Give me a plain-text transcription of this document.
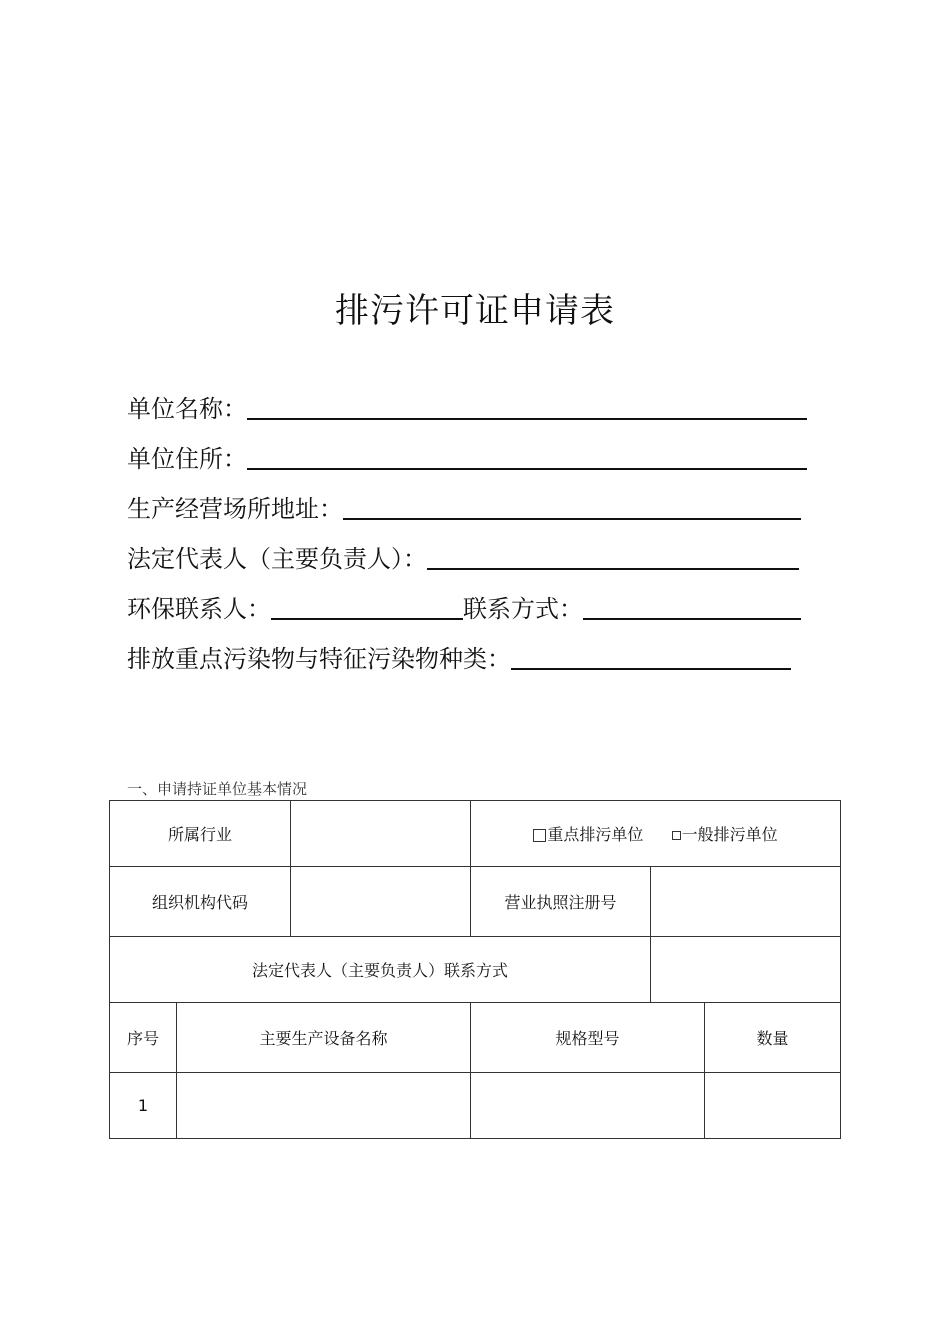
排污许可证申请表
单位名称：
单位住所：
生产经营场所地址：
法定代表人（主要负责人）：
环保联系人：	联系方式：
排放重点污染物与特征污染物种类：
一、申请持证单位基本情况
所属行业			重点排污单位 一般排污单位		
组织机构代码			营业执照注册号		
法定代表人（主要负责人）联系方式					
序号	主要生产设备名称		规格型号		数量
1					
